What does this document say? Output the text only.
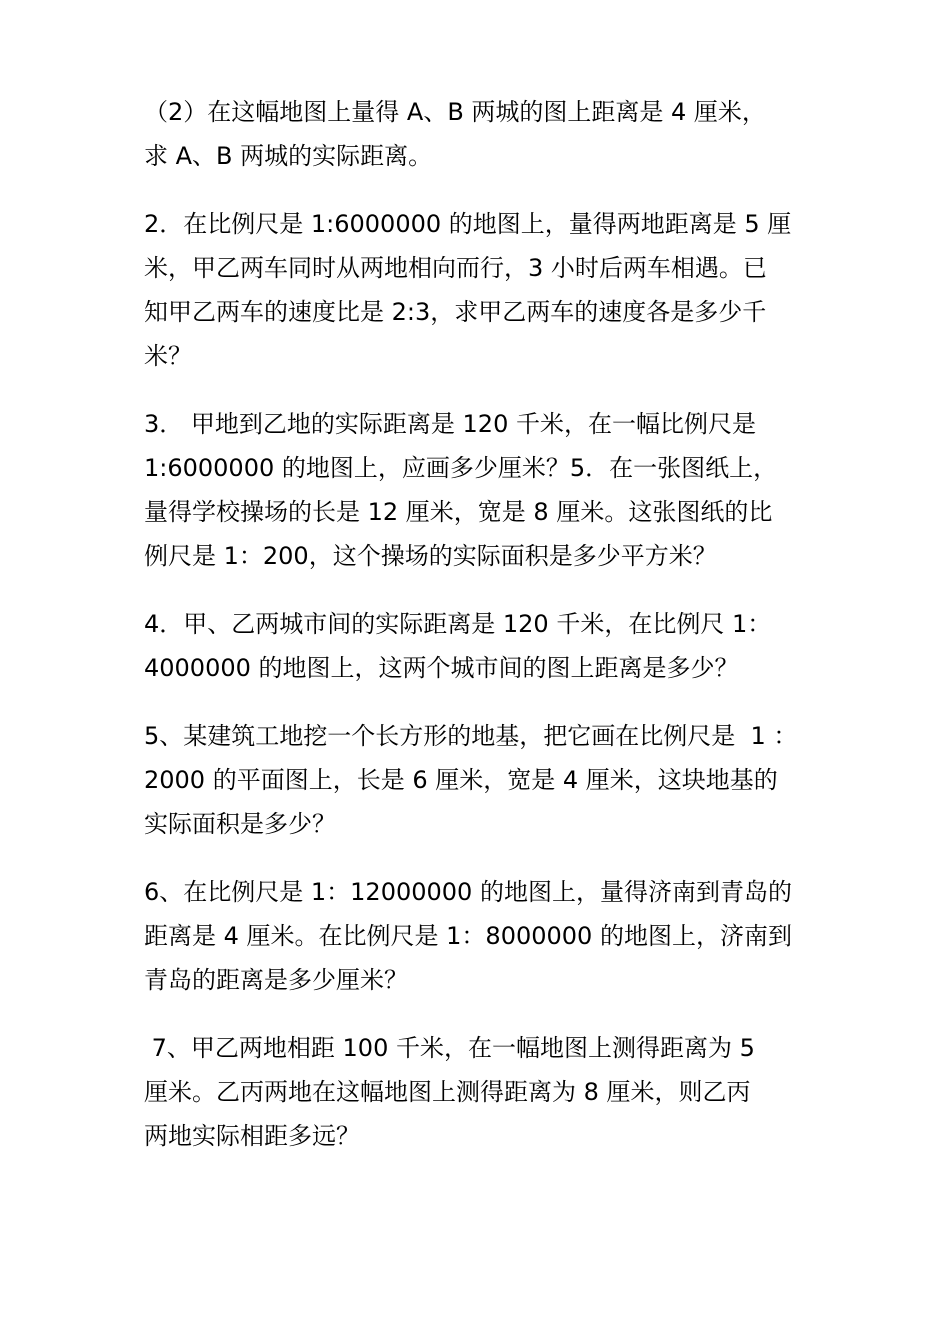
（2）在这幅地图上量得 A、B 两城的图上距离是 4 厘米，
求 A、B 两城的实际距离。
2．在比例尺是 1:6000000 的地图上，量得两地距离是 5 厘
米，甲乙两车同时从两地相向而行，3 小时后两车相遇。已
知甲乙两车的速度比是 2:3，求甲乙两车的速度各是多少千
米？
3． 甲地到乙地的实际距离是 120 千米，在一幅比例尺是
1:6000000 的地图上，应画多少厘米？5．在一张图纸上，
量得学校操场的长是 12 厘米，宽是 8 厘米。这张图纸的比
例尺是 1：200，这个操场的实际面积是多少平方米？
4．甲、乙两城市间的实际距离是 120 千米，在比例尺 1：
4000000 的地图上，这两个城市间的图上距离是多少？
5、某建筑工地挖一个长方形的地基，把它画在比例尺是  1 ：
2000 的平面图上，长是 6 厘米，宽是 4 厘米，这块地基的
实际面积是多少？
6、在比例尺是 1：12000000 的地图上，量得济南到青岛的
距离是 4 厘米。在比例尺是 1：8000000 的地图上，济南到
青岛的距离是多少厘米？
7、甲乙两地相距 100 千米，在一幅地图上测得距离为 5
厘米。乙丙两地在这幅地图上测得距离为 8 厘米，则乙丙
两地实际相距多远？
